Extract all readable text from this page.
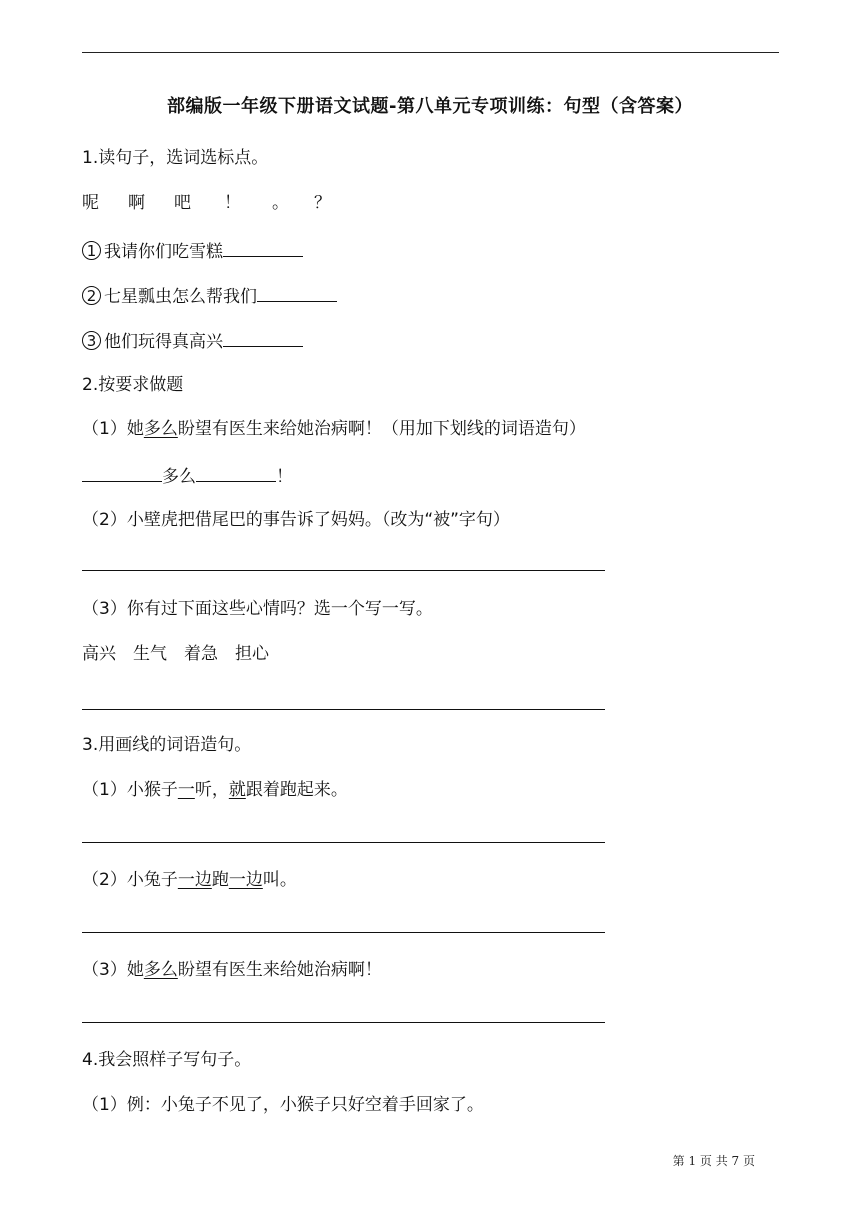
部编版一年级下册语文试题-第八单元专项训练：句型（含答案）
1.读句子，选词选标点。
呢 啊 吧 ！ 。 ？
1 我请你们吃雪糕
2 七星瓢虫怎么帮我们
3 他们玩得真高兴
2.按要求做题
（1）她多么盼望有医生来给她治病啊！（用加下划线的词语造句）
多么	！
（2）小壁虎把借尾巴的事告诉了妈妈。（改为“被”字句）
（3）你有过下面这些心情吗？选一个写一写。
高兴 生气 着急 担心
3.用画线的词语造句。
（1）小猴子一听，就跟着跑起来。
（2）小兔子一边跑一边叫。
（3）她多么盼望有医生来给她治病啊！
4.我会照样子写句子。
（1）例：小兔子不见了，小猴子只好空着手回家了。
第 1 页 共 7 页
